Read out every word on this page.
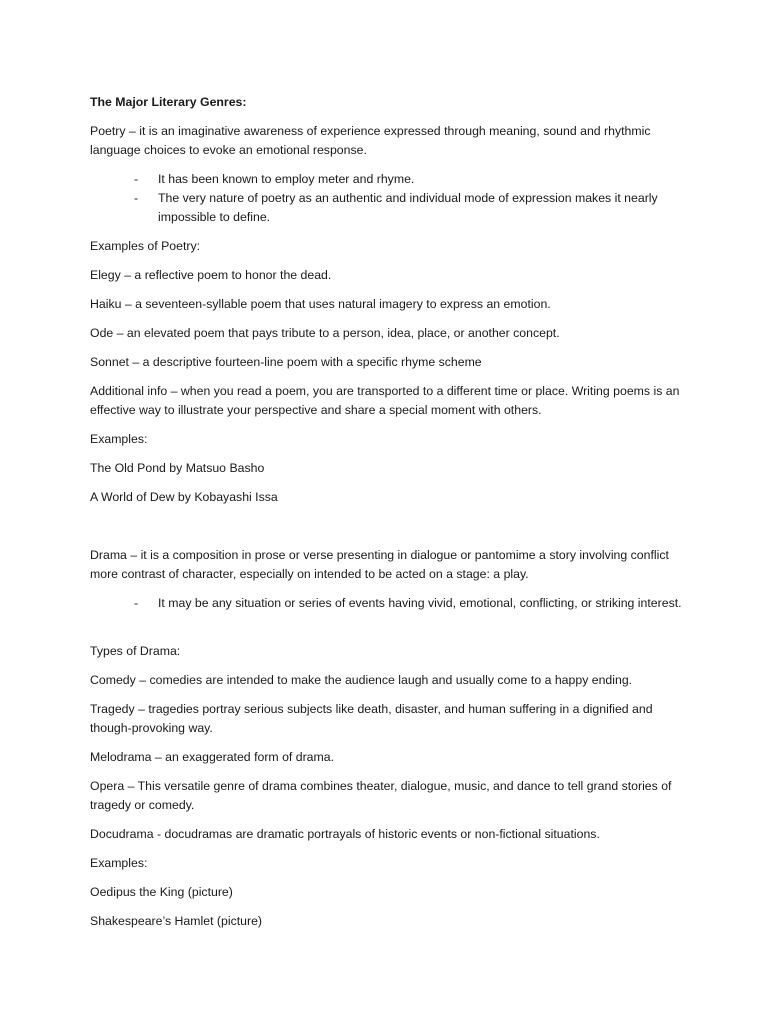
The Major Literary Genres:

Poetry – it is an imaginative awareness of experience expressed through meaning, sound and rhythmic language choices to evoke an emotional response.

-	It has been known to employ meter and rhyme.

-	The very nature of poetry as an authentic and individual mode of expression makes it nearly impossible to define.

Examples of Poetry:

Elegy – a reflective poem to honor the dead.

Haiku – a seventeen-syllable poem that uses natural imagery to express an emotion.

Ode – an elevated poem that pays tribute to a person, idea, place, or another concept.

Sonnet – a descriptive fourteen-line poem with a specific rhyme scheme

Additional info – when you read a poem, you are transported to a different time or place. Writing poems is an effective way to illustrate your perspective and share a special moment with others.

Examples:

The Old Pond by Matsuo Basho

A World of Dew by Kobayashi Issa

Drama – it is a composition in prose or verse presenting in dialogue or pantomime a story involving conflict more contrast of character, especially on intended to be acted on a stage: a play.

-	It may be any situation or series of events having vivid, emotional, conflicting, or striking interest.

Types of Drama:

Comedy – comedies are intended to make the audience laugh and usually come to a happy ending.

Tragedy – tragedies portray serious subjects like death, disaster, and human suffering in a dignified and though-provoking way.

Melodrama – an exaggerated form of drama.

Opera – This versatile genre of drama combines theater, dialogue, music, and dance to tell grand stories of tragedy or comedy.

Docudrama - docudramas are dramatic portrayals of historic events or non-fictional situations.

Examples:

Oedipus the King (picture)

Shakespeare’s Hamlet (picture)
